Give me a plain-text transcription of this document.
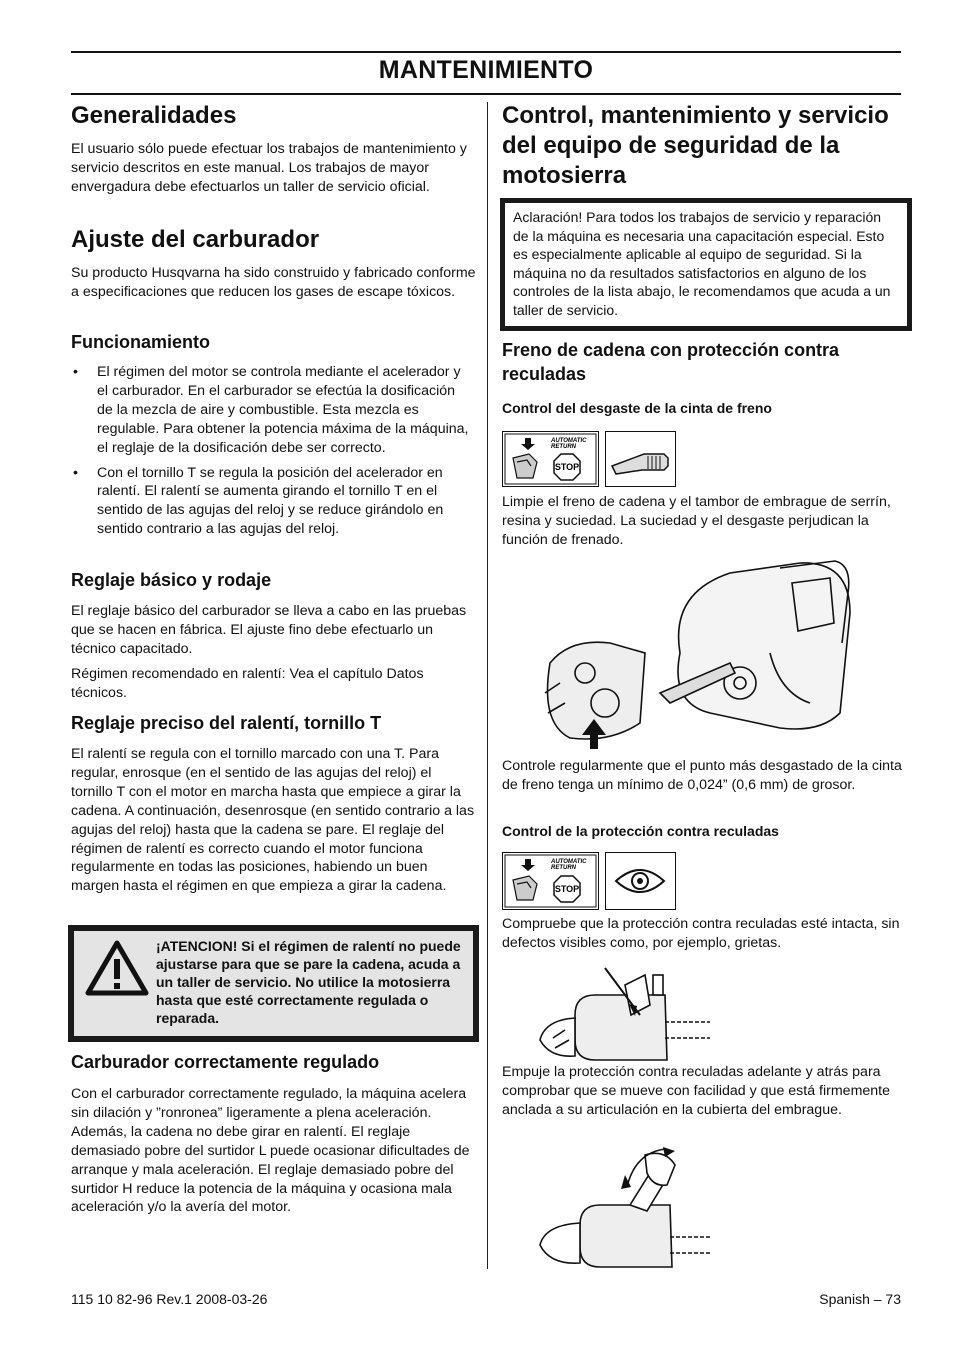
MANTENIMIENTO
Generalidades
El usuario sólo puede efectuar los trabajos de mantenimiento y servicio descritos en este manual. Los trabajos de mayor envergadura debe efectuarlos un taller de servicio oficial.
Ajuste del carburador
Su producto Husqvarna ha sido construido y fabricado conforme a especificaciones que reducen los gases de escape tóxicos.
Funcionamiento
• El régimen del motor se controla mediante el acelerador y el carburador. En el carburador se efectúa la dosificación de la mezcla de aire y combustible. Esta mezcla es regulable. Para obtener la potencia máxima de la máquina, el reglaje de la dosificación debe ser correcto.
• Con el tornillo T se regula la posición del acelerador en ralentí. El ralentí se aumenta girando el tornillo T en el sentido de las agujas del reloj y se reduce girándolo en sentido contrario a las agujas del reloj.
Reglaje básico y rodaje
El reglaje básico del carburador se lleva a cabo en las pruebas que se hacen en fábrica. El ajuste fino debe efectuarlo un técnico capacitado.
Régimen recomendado en ralentí: Vea el capítulo Datos técnicos.
Reglaje preciso del ralentí, tornillo T
El ralentí se regula con el tornillo marcado con una T. Para regular, enrosque (en el sentido de las agujas del reloj) el tornillo T con el motor en marcha hasta que empiece a girar la cadena. A continuación, desenrosque (en sentido contrario a las agujas del reloj) hasta que la cadena se pare. El reglaje del régimen de ralentí es correcto cuando el motor funciona regularmente en todas las posiciones, habiendo un buen margen hasta el régimen en que empieza a girar la cadena.
¡ATENCION! Si el régimen de ralentí no puede ajustarse para que se pare la cadena, acuda a un taller de servicio. No utilice la motosierra hasta que esté correctamente regulada o reparada.
Carburador correctamente regulado
Con el carburador correctamente regulado, la máquina acelera sin dilación y ”ronronea” ligeramente a plena aceleración. Además, la cadena no debe girar en ralentí. El reglaje demasiado pobre del surtidor L puede ocasionar dificultades de arranque y mala aceleración. El reglaje demasiado pobre del surtidor H reduce la potencia de la máquina y ocasiona mala aceleración y/o la avería del motor.
Control, mantenimiento y servicio del equipo de seguridad de la motosierra
Aclaración! Para todos los trabajos de servicio y reparación de la máquina es necesaria una capacitación especial. Esto es especialmente aplicable al equipo de seguridad. Si la máquina no da resultados satisfactorios en alguno de los controles de la lista abajo, le recomendamos que acuda a un taller de servicio.
Freno de cadena con protección contra reculadas
Control del desgaste de la cinta de freno
AUTOMATIC
RETURN
STOP
Limpie el freno de cadena y el tambor de embrague de serrín, resina y suciedad. La suciedad y el desgaste perjudican la función de frenado.
Controle regularmente que el punto más desgastado de la cinta de freno tenga un mínimo de 0,024” (0,6 mm) de grosor.
Control de la protección contra reculadas
AUTOMATIC
RETURN
STOP
Compruebe que la protección contra reculadas esté intacta, sin defectos visibles como, por ejemplo, grietas.
Empuje la protección contra reculadas adelante y atrás para comprobar que se mueve con facilidad y que está firmemente anclada a su articulación en la cubierta del embrague.
115 10 82-96 Rev.1 2008-03-26	Spanish – 73
